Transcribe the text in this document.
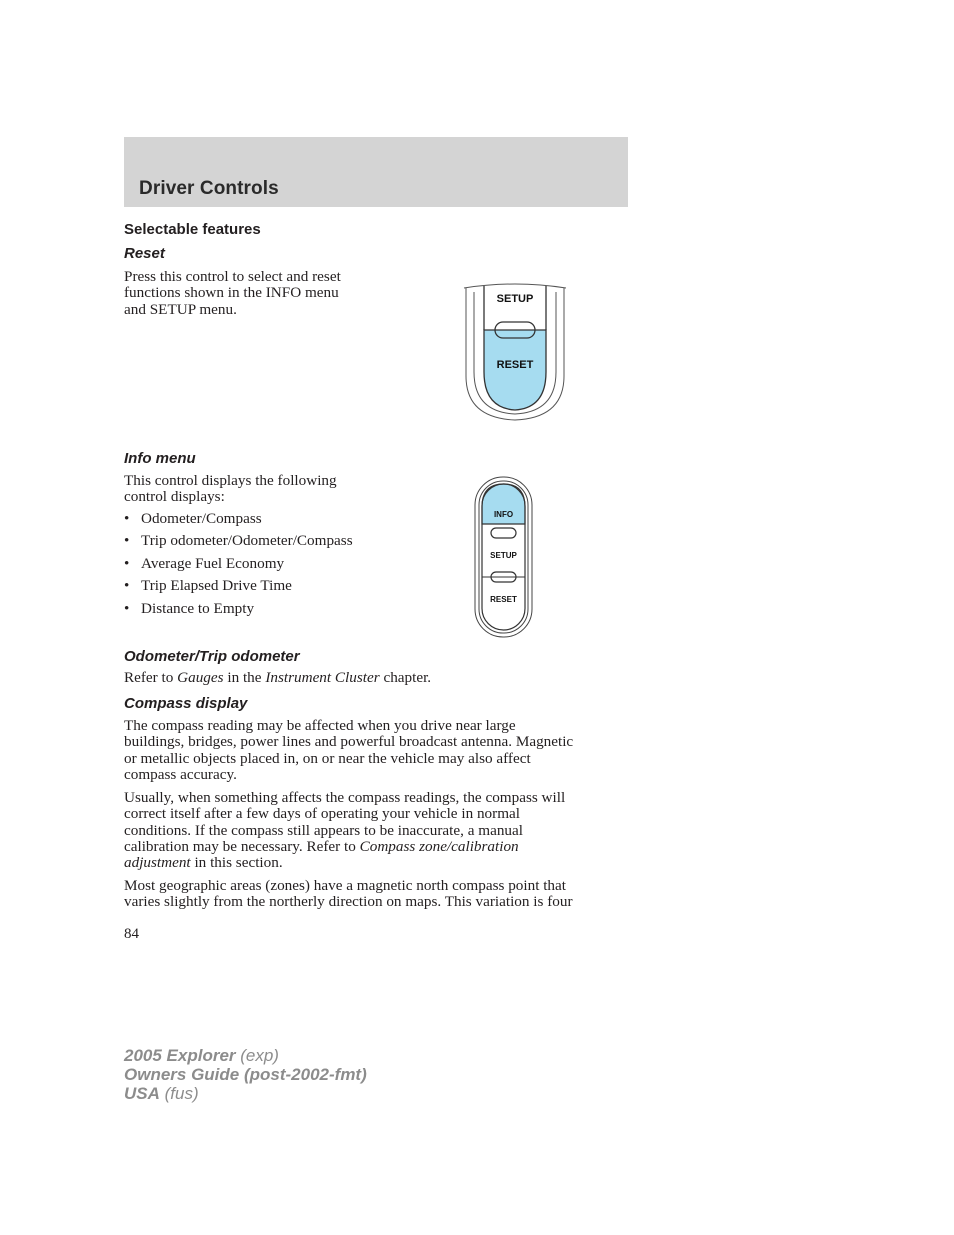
Driver Controls
Selectable features
Reset

Press this control to select and reset
functions shown in the INFO menu
and SETUP menu.

SETUP
RESET
Info menu

This control displays the following
control displays:

• Odometer/Compass
• Trip odometer/Odometer/Compass
• Average Fuel Economy
• Trip Elapsed Drive Time
• Distance to Empty
INFO
SETUP
RESET
Odometer/Trip odometer

Refer to Gauges in the Instrument Cluster chapter.

Compass display

The compass reading may be affected when you drive near large
buildings, bridges, power lines and powerful broadcast antenna. Magnetic
or metallic objects placed in, on or near the vehicle may also affect
compass accuracy.

Usually, when something affects the compass readings, the compass will
correct itself after a few days of operating your vehicle in normal
conditions. If the compass still appears to be inaccurate, a manual
calibration may be necessary. Refer to Compass zone/calibration
adjustment in this section.

Most geographic areas (zones) have a magnetic north compass point that
varies slightly from the northerly direction on maps. This variation is four

84

2005 Explorer (exp)
Owners Guide (post-2002-fmt)
USA (fus)
